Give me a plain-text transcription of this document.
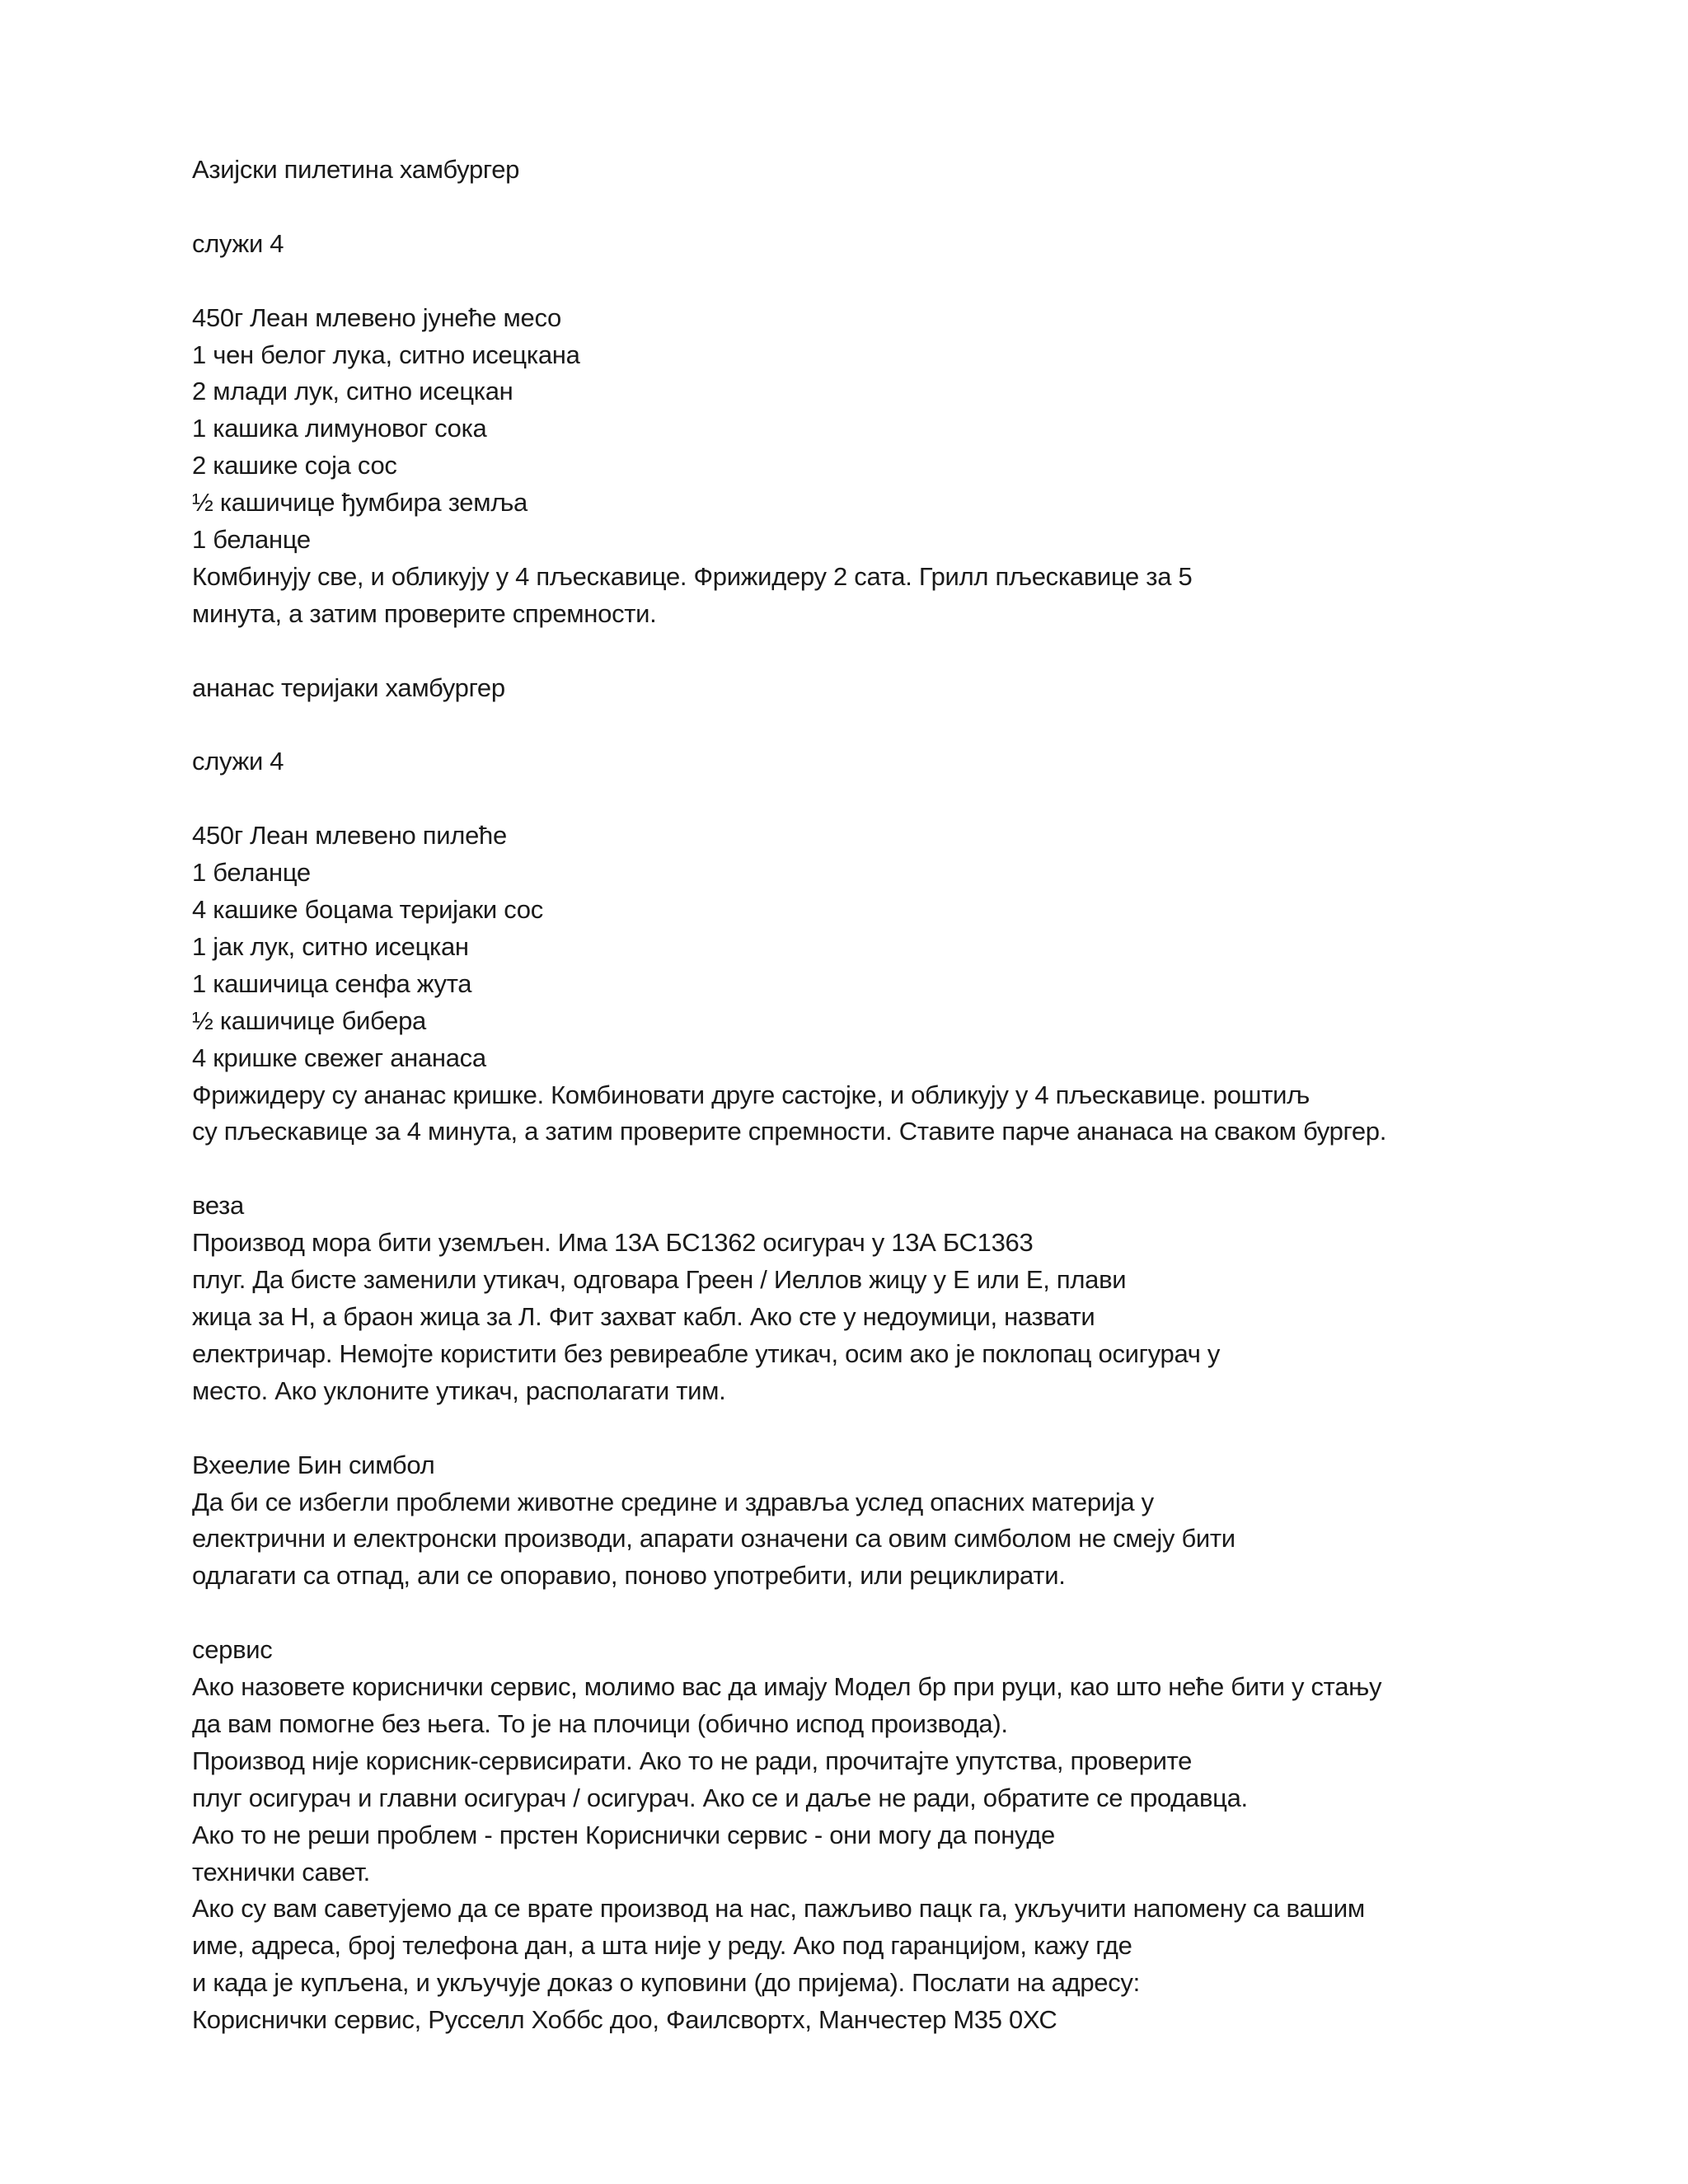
Азијски пилетина хамбургер
служи 4
450г Леан млевено јунеће месо
1 чен белог лука, ситно исецкана
2 млади лук, ситно исецкан
1 кашика лимуновог сока
2 кашике соја сос
½ кашичице ђумбира земља
1 беланце
Комбинују све, и обликују у 4 пљескавице. Фрижидеру 2 сата. Грилл пљескавице за 5
минута, а затим проверите спремности.
ананас теријаки хамбургер
служи 4
450г Леан млевено пилеће
1 беланце
4 кашике боцама теријаки сос
1 јак лук, ситно исецкан
1 кашичица сенфа жута
½ кашичице бибера
4 кришке свежег ананаса
Фрижидеру су ананас кришке. Комбиновати друге састојке, и обликују у 4 пљескавице. роштиљ
су пљескавице за 4 минута, а затим проверите спремности. Ставите парче ананаса на сваком бургер.
веза
Производ мора бити уземљен. Има 13А БС1362 осигурач у 13А БС1363
плуг. Да бисте заменили утикач, одговара Греен / Иеллов жицу у Е или Е, плави
жица за Н, а браон жица за Л. Фит захват кабл. Ако сте у недоумици, назвати
електричар. Немојте користити без ревиреабле утикач, осим ако је поклопац осигурач у
место. Ако уклоните утикач, располагати тим.
Вхеелие Бин симбол
Да би се избегли проблеми животне средине и здравља услед опасних материја у
електрични и електронски производи, апарати означени са овим симболом не смеју бити
одлагати са отпад, али се опоравио, поново употребити, или рециклирати.
сервис
Ако назовете кориснички сервис, молимо вас да имају Модел бр при руци, као што неће бити у стању
да вам помогне без њега. То је на плочици (обично испод производа).
Производ није корисник-сервисирати. Ако то не ради, прочитајте упутства, проверите
плуг осигурач и главни осигурач / осигурач. Ако се и даље не ради, обратите се продавца.
Ако то не реши проблем - прстен Кориснички сервис - они могу да понуде
технички савет.
Ако су вам саветујемо да се врате производ на нас, пажљиво пацк га, укључити напомену са вашим
име, адреса, број телефона дан, а шта није у реду. Ако под гаранцијом, кажу где
и када је купљена, и укључује доказ о куповини (до пријема). Послати на адресу:
Кориснички сервис, Русселл Хоббс доо, Фаилсвортх, Манчестер М35 0ХС
